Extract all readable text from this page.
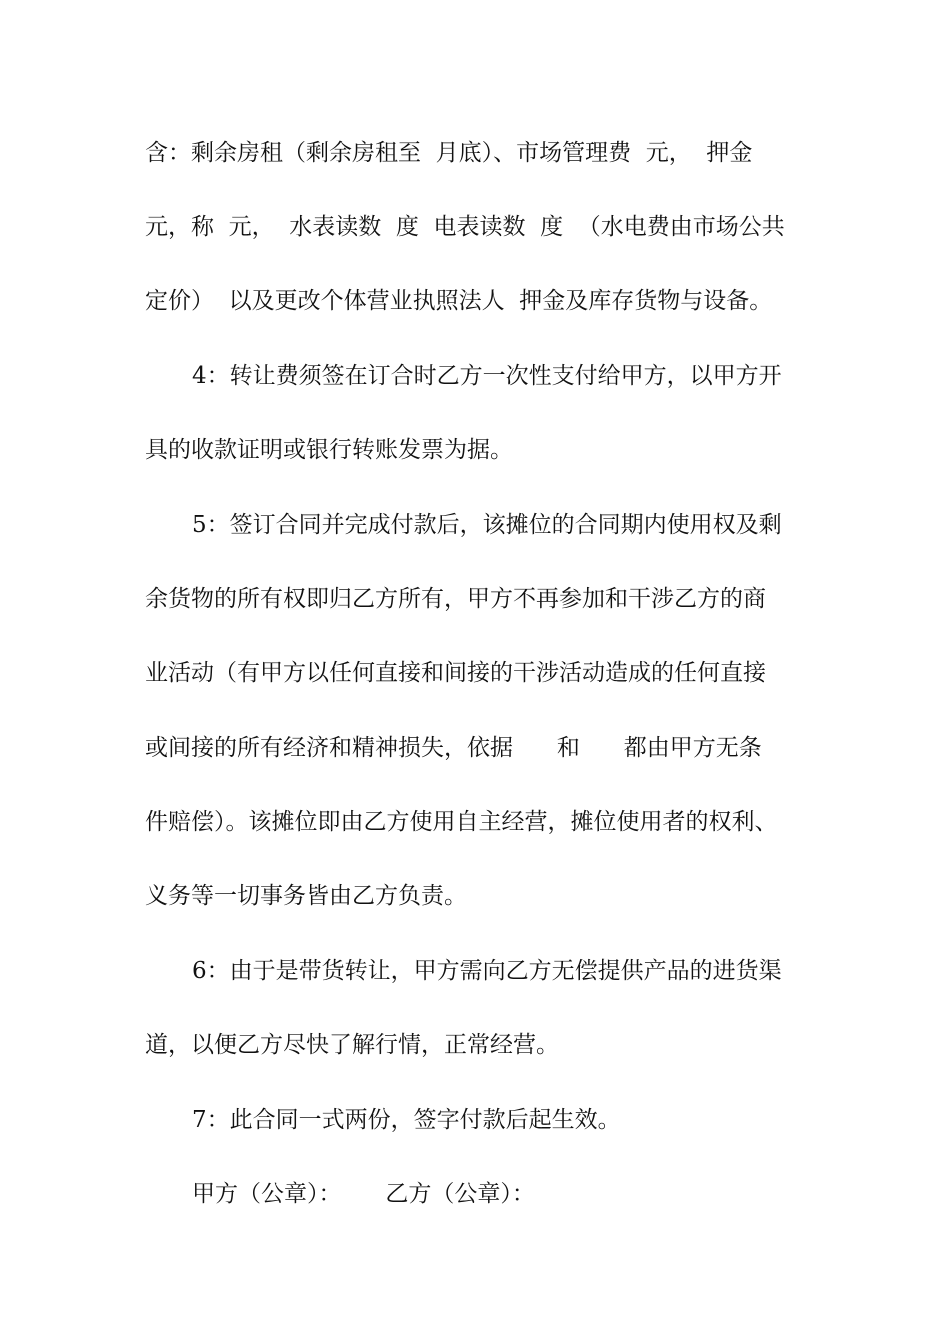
含：剩余房租（剩余房租至  月底）、市场管理费  元，  押金

元，称  元，  水表读数  度  电表读数  度  （水电费由市场公共

定价）  以及更改个体营业执照法人  押金及库存货物与设备。

4：转让费须签在订合时乙方一次性支付给甲方，以甲方开

具的收款证明或银行转账发票为据。

5：签订合同并完成付款后，该摊位的合同期内使用权及剩

余货物的所有权即归乙方所有，甲方不再参加和干涉乙方的商

业活动（有甲方以任何直接和间接的干涉活动造成的任何直接

或间接的所有经济和精神损失，依据      和      都由甲方无条

件赔偿）。该摊位即由乙方使用自主经营，摊位使用者的权利、

义务等一切事务皆由乙方负责。

6：由于是带货转让，甲方需向乙方无偿提供产品的进货渠

道，以便乙方尽快了解行情，正常经营。

7：此合同一式两份，签字付款后起生效。

甲方（公章）：      乙方（公章）：
